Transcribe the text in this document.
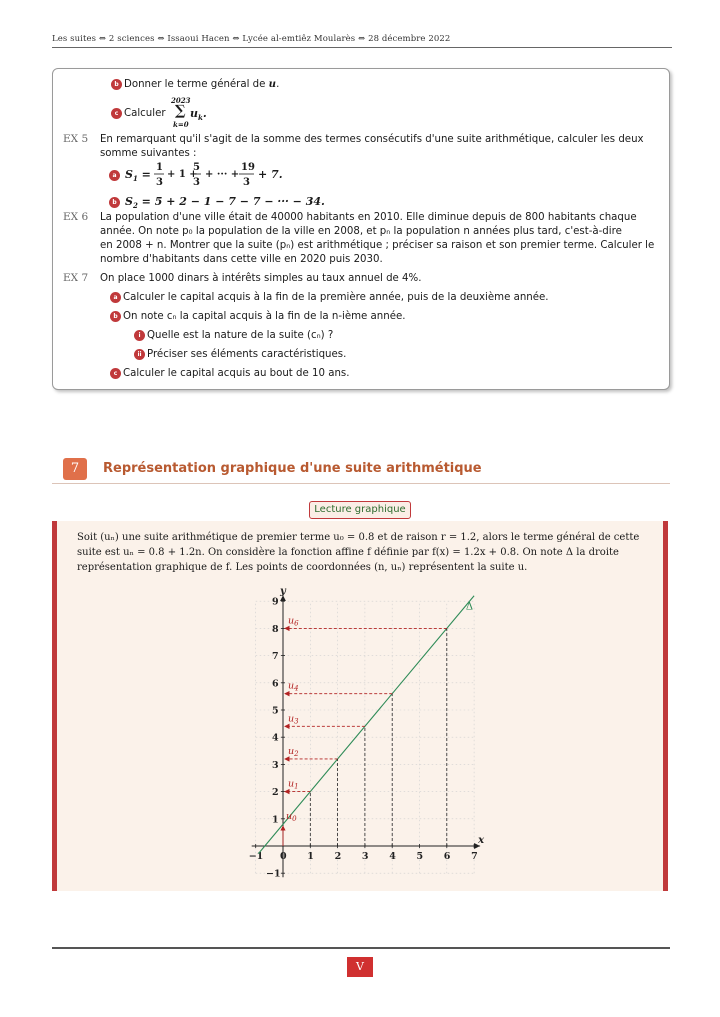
Les suites ⇔ 2 sciences ⇔ Issaoui Hacen ⇔ Lycée al-emtiêz Moularès ⇔ 28 décembre 2022
b Donner le terme général de u.
c Calculer
2023
∑
k=0
$u_k$.
EX 5 En remarquant qu'il s'agit de la somme des termes consécutifs d'une suite arithmétique, calculer les deux
somme suivantes :
a $S_1$ =
1
3
+ 1 +
5
3
+ ··· +
19
3
+ 7.
b $S_2 = 5 + 2 - 1 - 7 - 7$ − ··· − 34.
EX 6 La population d'une ville était de 40000 habitants en 2010. Elle diminue depuis de 800 habitants chaque
année. On note p₀ la population de la ville en 2008, et pₙ la population n années plus tard, c'est-à-dire
en 2008 + n. Montrer que la suite (pₙ) est arithmétique ; préciser sa raison et son premier terme. Calculer le
nombre d'habitants dans cette ville en 2020 puis 2030.
EX 7 On place 1000 dinars à intérêts simples au taux annuel de 4%.
a Calculer le capital acquis à la fin de la première année, puis de la deuxième année.
b On note cₙ la capital acquis à la fin de la n-ième année.
i Quelle est la nature de la suite (cₙ) ?
ii Préciser ses éléments caractéristiques.
c Calculer le capital acquis au bout de 10 ans.
7	Représentation graphique d'une suite arithmétique
Soit (uₙ) une suite arithmétique de premier terme u₀ = 0.8 et de raison r = 1.2, alors le terme général de cette
suite est uₙ = 0.8 + 1.2n. On considère la fonction affine f définie par f(x) = 1.2x + 0.8. On note Δ la droite
représentation graphique de f. Les points de coordonnées (n, uₙ) représentent la suite u.
x
y
−1 0 1 2 3 4 5 6 7
−1
1
2
3
4
5
6
7
8
9	Δ
$u_0$
$u_1$
$u_2$
$u_3$
$u_4$
$u_6$
Lecture graphique
V
